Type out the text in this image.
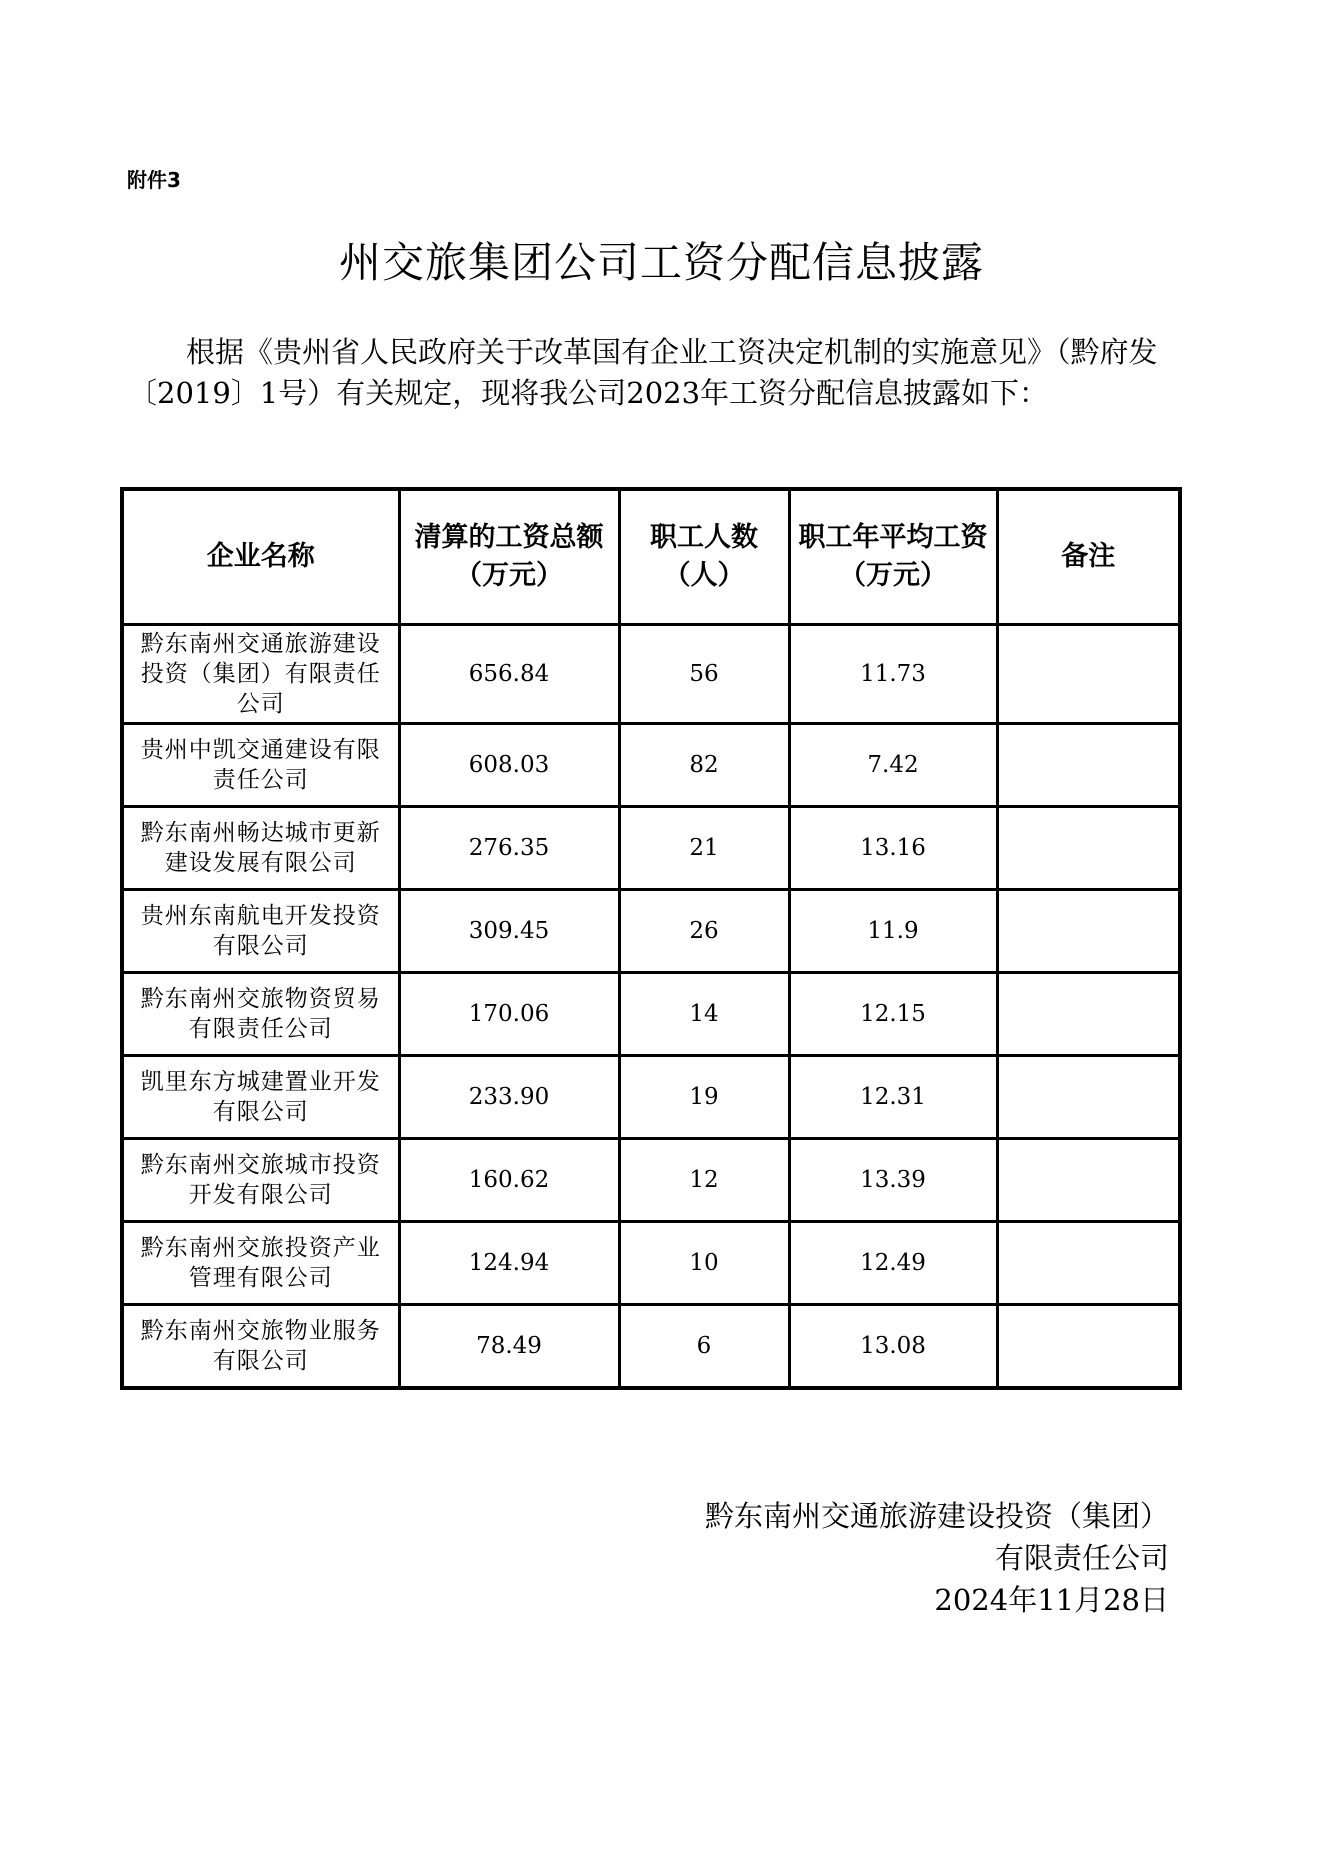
附件3
州交旅集团公司工资分配信息披露

根据《贵州省人民政府关于改革国有企业工资决定机制的实施意见》（黔府发〔2019〕1号）有关规定，现将我公司2023年工资分配信息披露如下：

企业名称	清算的工资总额（万元）	职工人数（人）	职工年平均工资（万元）	备注
黔东南州交通旅游建设投资（集团）有限责任公司	656.84	56	11.73	
贵州中凯交通建设有限责任公司	608.03	82	7.42	
黔东南州畅达城市更新建设发展有限公司	276.35	21	13.16	
贵州东南航电开发投资有限公司	309.45	26	11.9	
黔东南州交旅物资贸易有限责任公司	170.06	14	12.15	
凯里东方城建置业开发有限公司	233.90	19	12.31	
黔东南州交旅城市投资开发有限公司	160.62	12	13.39	
黔东南州交旅投资产业管理有限公司	124.94	10	12.49	
黔东南州交旅物业服务有限公司	78.49	6	13.08	
黔东南州交通旅游建设投资（集团）
有限责任公司
2024年11月28日
